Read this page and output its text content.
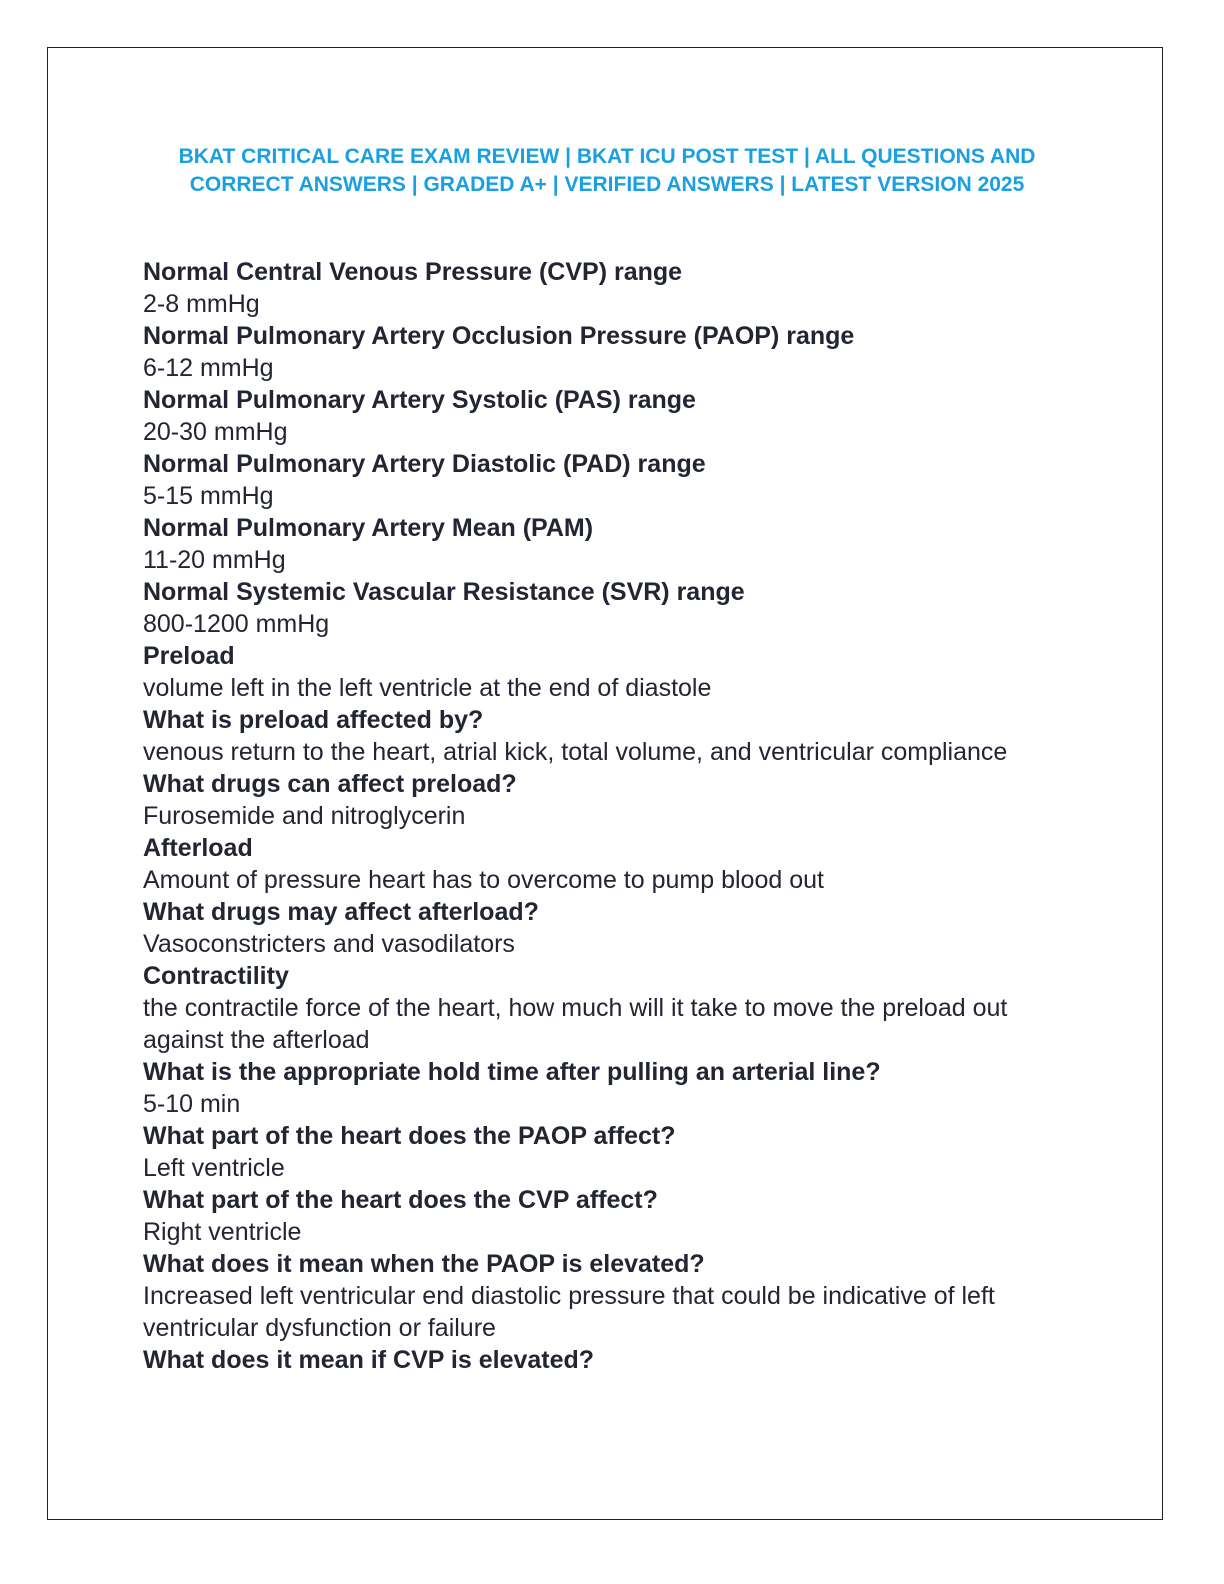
BKAT CRITICAL CARE EXAM REVIEW | BKAT ICU POST TEST | ALL QUESTIONS AND CORRECT ANSWERS | GRADED A+ | VERIFIED ANSWERS | LATEST VERSION 2025
Normal Central Venous Pressure (CVP) range
2-8 mmHg
Normal Pulmonary Artery Occlusion Pressure (PAOP) range
6-12 mmHg
Normal Pulmonary Artery Systolic (PAS) range
20-30 mmHg
Normal Pulmonary Artery Diastolic (PAD) range
5-15 mmHg
Normal Pulmonary Artery Mean (PAM)
11-20 mmHg
Normal Systemic Vascular Resistance (SVR) range
800-1200 mmHg
Preload
volume left in the left ventricle at the end of diastole
What is preload affected by?
venous return to the heart, atrial kick, total volume, and ventricular compliance
What drugs can affect preload?
Furosemide and nitroglycerin
Afterload
Amount of pressure heart has to overcome to pump blood out
What drugs may affect afterload?
Vasoconstricters and vasodilators
Contractility
the contractile force of the heart, how much will it take to move the preload out against the afterload
What is the appropriate hold time after pulling an arterial line?
5-10 min
What part of the heart does the PAOP affect?
Left ventricle
What part of the heart does the CVP affect?
Right ventricle
What does it mean when the PAOP is elevated?
Increased left ventricular end diastolic pressure that could be indicative of left ventricular dysfunction or failure
What does it mean if CVP is elevated?
